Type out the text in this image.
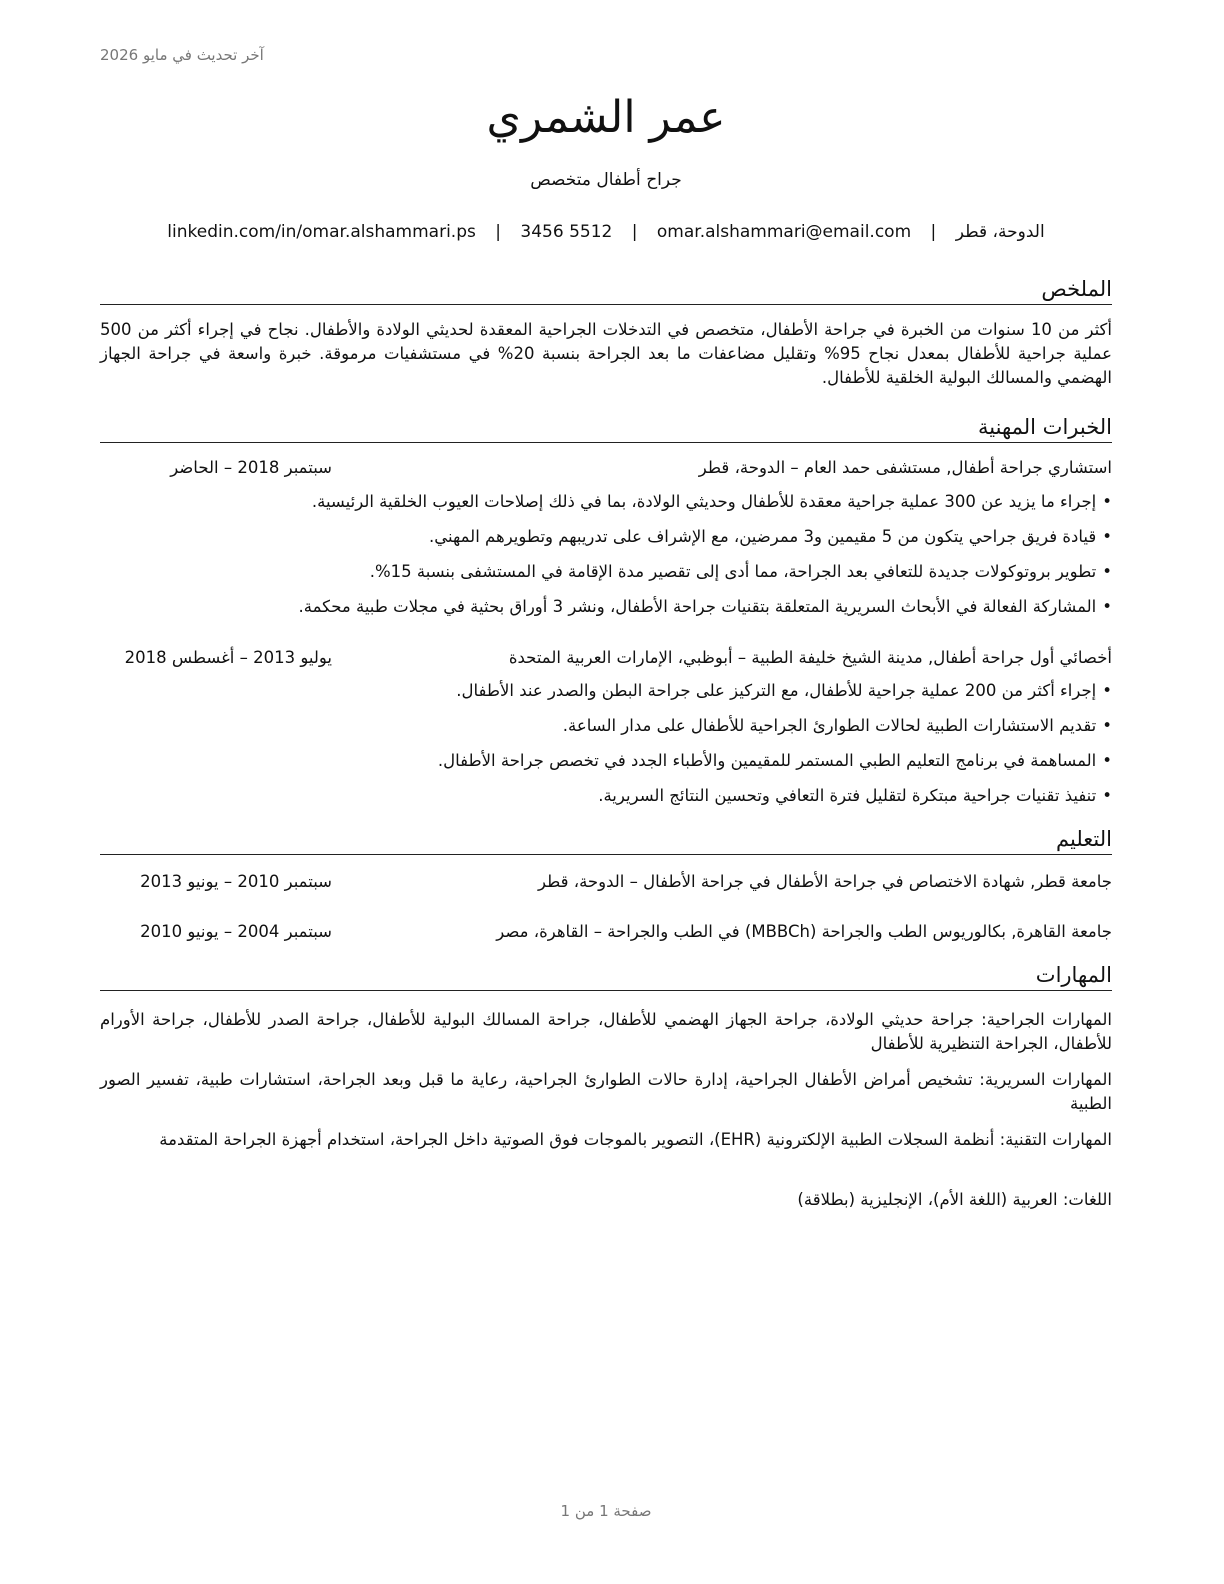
آخر تحديث في مايو 2026
عمر الشمري
جراح أطفال متخصص
الدوحة، قطر | omar.alshammari@email.com | 3456 5512 | linkedin.com/in/omar.alshammari.ps
الملخص
أكثر من 10 سنوات من الخبرة في جراحة الأطفال، متخصص في التدخلات الجراحية المعقدة لحديثي الولادة والأطفال. نجاح في إجراء أكثر من 500 عملية جراحية للأطفال بمعدل نجاح 95% وتقليل مضاعفات ما بعد الجراحة بنسبة 20% في مستشفيات مرموقة. خبرة واسعة في جراحة الجهاز الهضمي والمسالك البولية الخلقية للأطفال.
الخبرات المهنية
استشاري جراحة أطفال, مستشفى حمد العام – الدوحة، قطر
سبتمبر 2018 – الحاضر
•إجراء ما يزيد عن 300 عملية جراحية معقدة للأطفال وحديثي الولادة، بما في ذلك إصلاحات العيوب الخلقية الرئيسية.
•قيادة فريق جراحي يتكون من 5 مقيمين و3 ممرضين، مع الإشراف على تدريبهم وتطويرهم المهني.
•تطوير بروتوكولات جديدة للتعافي بعد الجراحة، مما أدى إلى تقصير مدة الإقامة في المستشفى بنسبة 15%.
•المشاركة الفعالة في الأبحاث السريرية المتعلقة بتقنيات جراحة الأطفال، ونشر 3 أوراق بحثية في مجلات طبية محكمة.
أخصائي أول جراحة أطفال, مدينة الشيخ خليفة الطبية – أبوظبي، الإمارات العربية المتحدة
يوليو 2013 – أغسطس 2018
•إجراء أكثر من 200 عملية جراحية للأطفال، مع التركيز على جراحة البطن والصدر عند الأطفال.
•تقديم الاستشارات الطبية لحالات الطوارئ الجراحية للأطفال على مدار الساعة.
•المساهمة في برنامج التعليم الطبي المستمر للمقيمين والأطباء الجدد في تخصص جراحة الأطفال.
•تنفيذ تقنيات جراحية مبتكرة لتقليل فترة التعافي وتحسين النتائج السريرية.
التعليم
جامعة قطر, شهادة الاختصاص في جراحة الأطفال في جراحة الأطفال – الدوحة، قطر
سبتمبر 2010 – يونيو 2013
جامعة القاهرة, بكالوريوس الطب والجراحة (MBBCh) في الطب والجراحة – القاهرة، مصر
سبتمبر 2004 – يونيو 2010
المهارات
المهارات الجراحية: جراحة حديثي الولادة، جراحة الجهاز الهضمي للأطفال، جراحة المسالك البولية للأطفال، جراحة الصدر للأطفال، جراحة الأورام للأطفال، الجراحة التنظيرية للأطفال
المهارات السريرية: تشخيص أمراض الأطفال الجراحية، إدارة حالات الطوارئ الجراحية، رعاية ما قبل وبعد الجراحة، استشارات طبية، تفسير الصور الطبية
المهارات التقنية: أنظمة السجلات الطبية الإلكترونية (EHR)، التصوير بالموجات فوق الصوتية داخل الجراحة، استخدام أجهزة الجراحة المتقدمة
اللغات: العربية (اللغة الأم)، الإنجليزية (بطلاقة)
صفحة 1 من 1
